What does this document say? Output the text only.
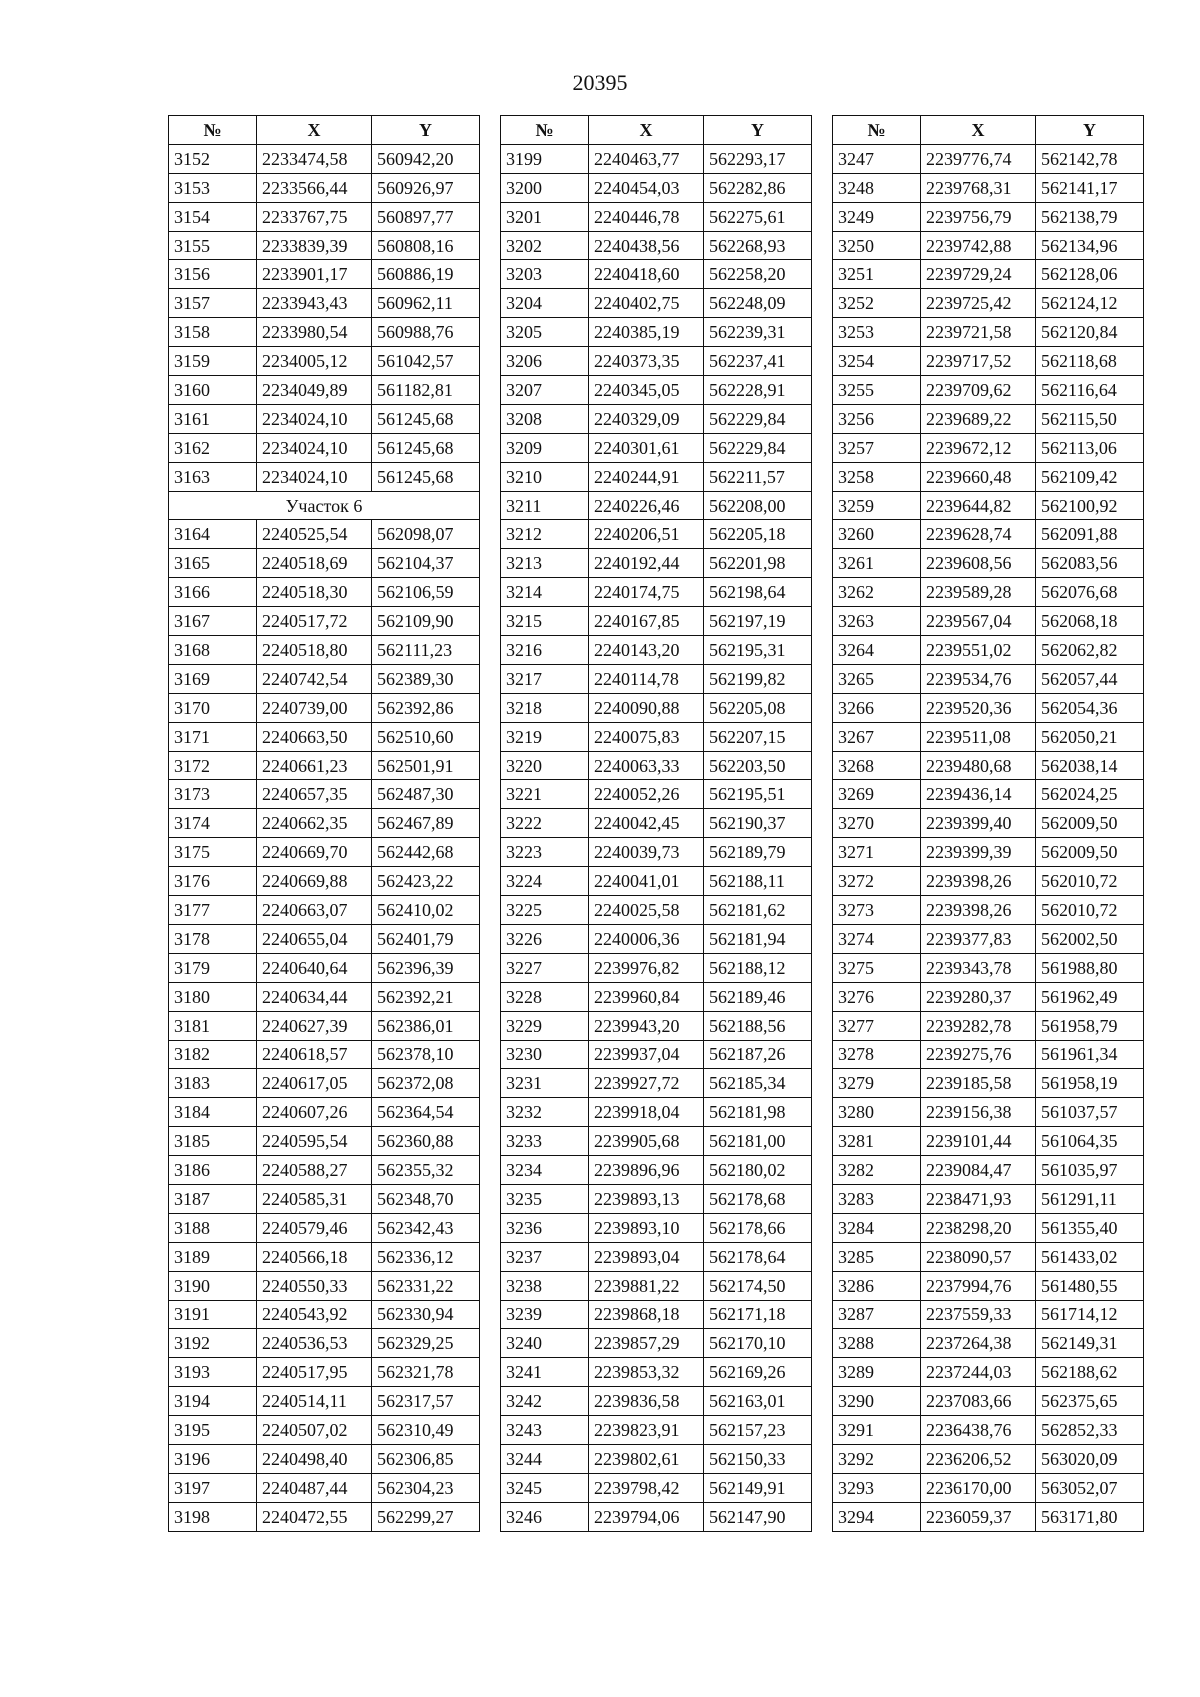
20395
№	X	Y
3152	2233474,58	560942,20
3153	2233566,44	560926,97
3154	2233767,75	560897,77
3155	2233839,39	560808,16
3156	2233901,17	560886,19
3157	2233943,43	560962,11
3158	2233980,54	560988,76
3159	2234005,12	561042,57
3160	2234049,89	561182,81
3161	2234024,10	561245,68
3162	2234024,10	561245,68
3163	2234024,10	561245,68
Участок 6		
3164	2240525,54	562098,07
3165	2240518,69	562104,37
3166	2240518,30	562106,59
3167	2240517,72	562109,90
3168	2240518,80	562111,23
3169	2240742,54	562389,30
3170	2240739,00	562392,86
3171	2240663,50	562510,60
3172	2240661,23	562501,91
3173	2240657,35	562487,30
3174	2240662,35	562467,89
3175	2240669,70	562442,68
3176	2240669,88	562423,22
3177	2240663,07	562410,02
3178	2240655,04	562401,79
3179	2240640,64	562396,39
3180	2240634,44	562392,21
3181	2240627,39	562386,01
3182	2240618,57	562378,10
3183	2240617,05	562372,08
3184	2240607,26	562364,54
3185	2240595,54	562360,88
3186	2240588,27	562355,32
3187	2240585,31	562348,70
3188	2240579,46	562342,43
3189	2240566,18	562336,12
3190	2240550,33	562331,22
3191	2240543,92	562330,94
3192	2240536,53	562329,25
3193	2240517,95	562321,78
3194	2240514,11	562317,57
3195	2240507,02	562310,49
3196	2240498,40	562306,85
3197	2240487,44	562304,23
3198	2240472,55	562299,27
№	X	Y
3199	2240463,77	562293,17
3200	2240454,03	562282,86
3201	2240446,78	562275,61
3202	2240438,56	562268,93
3203	2240418,60	562258,20
3204	2240402,75	562248,09
3205	2240385,19	562239,31
3206	2240373,35	562237,41
3207	2240345,05	562228,91
3208	2240329,09	562229,84
3209	2240301,61	562229,84
3210	2240244,91	562211,57
3211	2240226,46	562208,00
3212	2240206,51	562205,18
3213	2240192,44	562201,98
3214	2240174,75	562198,64
3215	2240167,85	562197,19
3216	2240143,20	562195,31
3217	2240114,78	562199,82
3218	2240090,88	562205,08
3219	2240075,83	562207,15
3220	2240063,33	562203,50
3221	2240052,26	562195,51
3222	2240042,45	562190,37
3223	2240039,73	562189,79
3224	2240041,01	562188,11
3225	2240025,58	562181,62
3226	2240006,36	562181,94
3227	2239976,82	562188,12
3228	2239960,84	562189,46
3229	2239943,20	562188,56
3230	2239937,04	562187,26
3231	2239927,72	562185,34
3232	2239918,04	562181,98
3233	2239905,68	562181,00
3234	2239896,96	562180,02
3235	2239893,13	562178,68
3236	2239893,10	562178,66
3237	2239893,04	562178,64
3238	2239881,22	562174,50
3239	2239868,18	562171,18
3240	2239857,29	562170,10
3241	2239853,32	562169,26
3242	2239836,58	562163,01
3243	2239823,91	562157,23
3244	2239802,61	562150,33
3245	2239798,42	562149,91
3246	2239794,06	562147,90
№	X	Y
3247	2239776,74	562142,78
3248	2239768,31	562141,17
3249	2239756,79	562138,79
3250	2239742,88	562134,96
3251	2239729,24	562128,06
3252	2239725,42	562124,12
3253	2239721,58	562120,84
3254	2239717,52	562118,68
3255	2239709,62	562116,64
3256	2239689,22	562115,50
3257	2239672,12	562113,06
3258	2239660,48	562109,42
3259	2239644,82	562100,92
3260	2239628,74	562091,88
3261	2239608,56	562083,56
3262	2239589,28	562076,68
3263	2239567,04	562068,18
3264	2239551,02	562062,82
3265	2239534,76	562057,44
3266	2239520,36	562054,36
3267	2239511,08	562050,21
3268	2239480,68	562038,14
3269	2239436,14	562024,25
3270	2239399,40	562009,50
3271	2239399,39	562009,50
3272	2239398,26	562010,72
3273	2239398,26	562010,72
3274	2239377,83	562002,50
3275	2239343,78	561988,80
3276	2239280,37	561962,49
3277	2239282,78	561958,79
3278	2239275,76	561961,34
3279	2239185,58	561958,19
3280	2239156,38	561037,57
3281	2239101,44	561064,35
3282	2239084,47	561035,97
3283	2238471,93	561291,11
3284	2238298,20	561355,40
3285	2238090,57	561433,02
3286	2237994,76	561480,55
3287	2237559,33	561714,12
3288	2237264,38	562149,31
3289	2237244,03	562188,62
3290	2237083,66	562375,65
3291	2236438,76	562852,33
3292	2236206,52	563020,09
3293	2236170,00	563052,07
3294	2236059,37	563171,80
